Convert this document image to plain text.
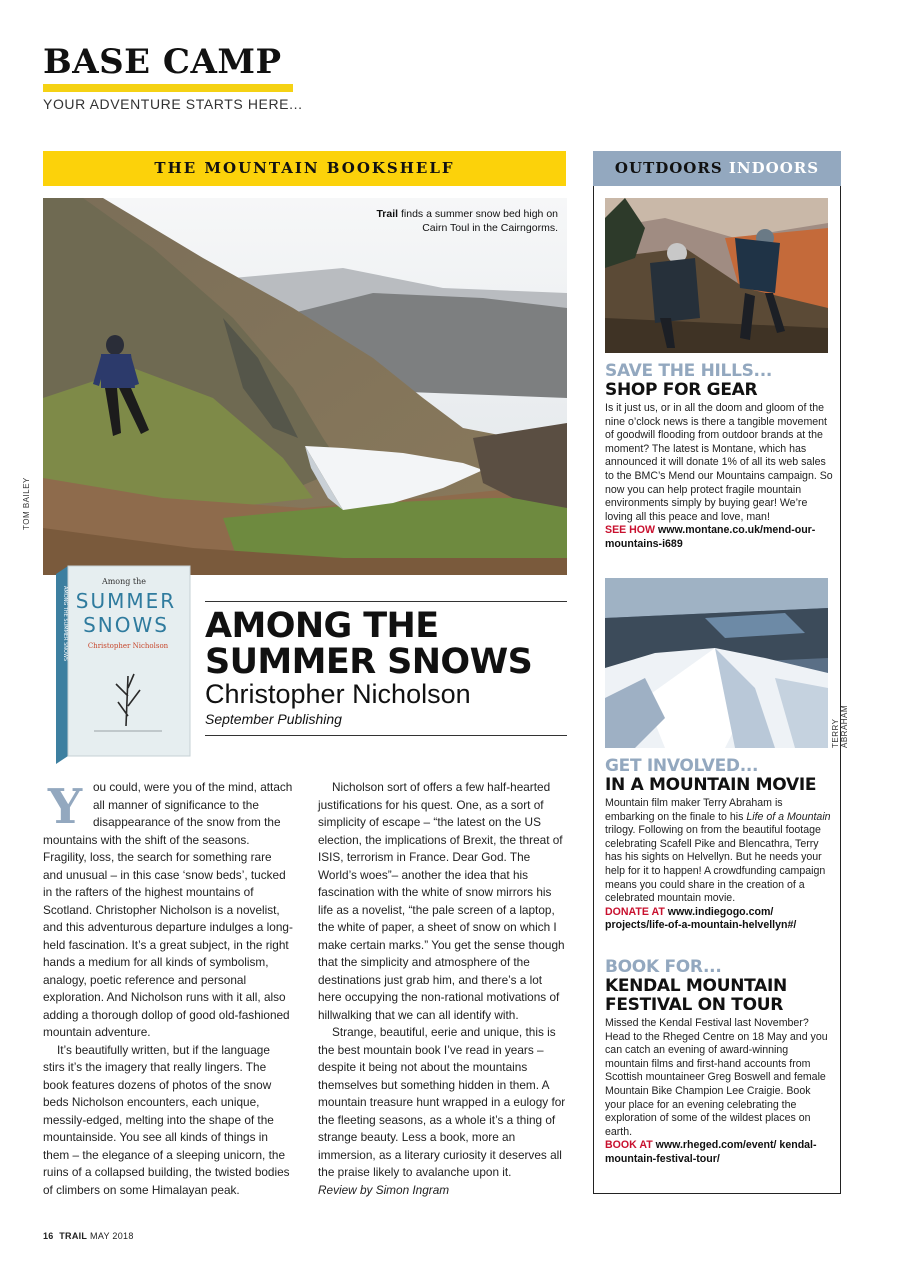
BASE CAMP
YOUR ADVENTURE STARTS HERE...
THE MOUNTAIN BOOKSHELF
Trail finds a summer snow bed high on Cairn Toul in the Cairngorms.
TOM BAILEY
Among the
SUMMER
SNOWS
Christopher Nicholson
AMONG THE SUMMER SNOWS	AMONG THE SUMMER SNOWS
Christopher Nicholson
September Publishing

You could, were you of the mind, attach all manner of significance to the disappearance of the snow from the mountains with the shift of the seasons. Fragility, loss, the search for something rare and unusual – in this case ‘snow beds’, tucked in the rafters of the highest mountains of Scotland. Christopher Nicholson is a novelist, and this adventurous departure indulges a long-held fascination. It’s a great subject, in the right hands a medium for all kinds of symbolism, analogy, poetic reference and personal exploration. And Nicholson runs with it all, also adding a thorough dollop of good old-fashioned mountain adventure.

It’s beautifully written, but if the language stirs it’s the imagery that really lingers. The book features dozens of photos of the snow beds Nicholson encounters, each unique, messily-edged, melting into the shape of the mountainside. You see all kinds of things in them – the elegance of a sleeping unicorn, the ruins of a collapsed building, the twisted bodies of climbers on some Himalayan peak.

Nicholson sort of offers a few half-hearted justifications for his quest. One, as a sort of simplicity of escape – “the latest on the US election, the implications of Brexit, the threat of ISIS, terrorism in France. Dear God. The World’s woes”– another the idea that his fascination with the white of snow mirrors his life as a novelist, “the pale screen of a laptop, the white of paper, a sheet of snow on which I make certain marks.” You get the sense though that the simplicity and atmosphere of the destinations just grab him, and there’s a lot here occupying the non-rational motivations of hillwalking that we can all identify with.

Strange, beautiful, eerie and unique, this is the best mountain book I’ve read in years – despite it being not about the mountains themselves but something hidden in them. A mountain treasure hunt wrapped in a eulogy for the fleeting seasons, as a whole it’s a thing of strange beauty. Less a book, more an immersion, as a literary curiosity it deserves all the praise likely to avalanche upon it.

Review by Simon Ingram

16 TRAIL MAY 2018
OUTDOORS INDOORS
SAVE THE HILLS...
SHOP FOR GEAR
Is it just us, or in all the doom and gloom of the nine o’clock news is there a tangible movement of goodwill flooding from outdoor brands at the moment? The latest is Montane, which has announced it will donate 1% of all its web sales to the BMC’s Mend our Mountains campaign. So now you can help protect fragile mountain environments simply by buying gear! We’re loving all this peace and love, man!
SEE HOW www.montane.co.uk/mend-our-mountains-i689
TERRY ABRAHAM
GET INVOLVED...
IN A MOUNTAIN MOVIE
Mountain film maker Terry Abraham is embarking on the finale to his Life of a Mountain trilogy. Following on from the beautiful footage celebrating Scafell Pike and Blencathra, Terry has his sights on Helvellyn. But he needs your help for it to happen! A crowdfunding campaign means you could share in the creation of a celebrated mountain movie.
DONATE AT www.indiegogo.com/ projects/life-of-a-mountain-helvellyn#/
BOOK FOR...
KENDAL MOUNTAIN FESTIVAL ON TOUR
Missed the Kendal Festival last November? Head to the Rheged Centre on 18 May and you can catch an evening of award-winning mountain films and first-hand accounts from Scottish mountaineer Greg Boswell and female Mountain Bike Champion Lee Craigie. Book your place for an evening celebrating the exploration of some of the wildest places on earth.
BOOK AT www.rheged.com/event/ kendal-mountain-festival-tour/
